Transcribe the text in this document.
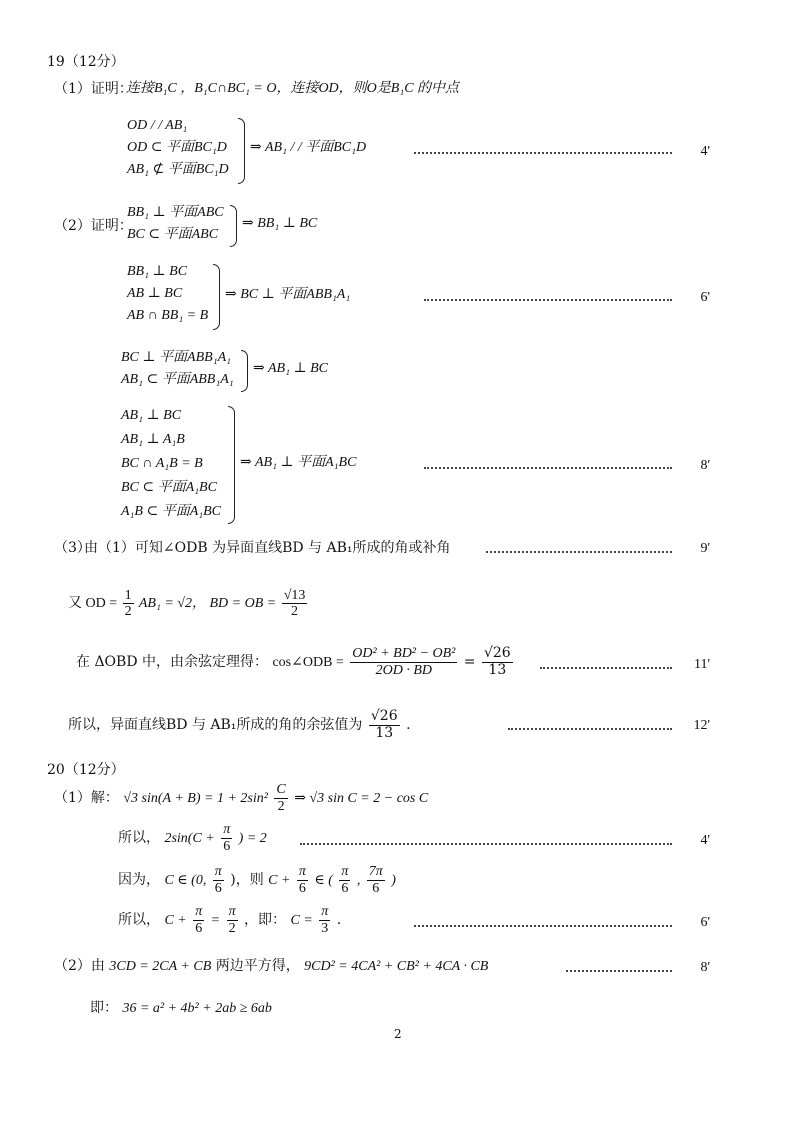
19（12分）
（1）证明：
连接B₁C ，B₁C∩BC₁ = O，连接OD，则O是B₁C 的中点
OD / / AB₁
OD ⊂ 平面BC₁D
AB₁ ⊄ 平面BC₁D
⇒ AB₁ / / 平面BC₁D	4'
（2）证明：
BB₁ ⊥ 平面ABC
BC ⊂ 平面ABC
⇒ BB₁ ⊥ BC
BB₁ ⊥ BC
AB ⊥ BC
AB ∩ BB₁ = B
⇒ BC ⊥ 平面ABB₁A₁	6'
BC ⊥ 平面ABB₁A₁
AB₁ ⊂ 平面ABB₁A₁
⇒ AB₁ ⊥ BC
AB₁ ⊥ BC
AB₁ ⊥ A₁B
BC ∩ A₁B = B
BC ⊂ 平面A₁BC
A₁B ⊂ 平面A₁BC
⇒ AB₁ ⊥ 平面A₁BC	8'
（3）
由（1）可知∠ODB 为异面直线BD 与 AB₁所成的角或补角	9'
又 OD = $\frac{1}{2} AB_1 = √2$， BD = OB = $\frac{√13}{2}$
在 ΔOBD 中，由余弦定理得： cos∠ODB = $\frac{\text{OD² + BD² − OB²}}{2OD \cdot BD} = \frac{√26}{13}$	11'
所以，异面直线BD 与 AB₁所成的角的余弦值为 $\frac{√26}{13}$ .	12'
20（12分）
（1）解： √3 $\sin(A + B) = 1 + 2\sin^2 \frac{C}{2}$ ⇒ √3 sin C = 2 − cos C
所以， $2\sin(C + \frac{\pi}{6}$ ) = 2	4'
因为， C ∈ (0, $\frac{\pi}{6}$ )，则 $C + \frac{\pi}{6}$ ∈ ( $\frac{\pi}{6}$ , $\frac{7\pi}{6}$ )
所以， $C + \frac{\pi}{6} = \frac{\pi}{2}$ ，即： $C = \frac{\pi}{3}$ .	6'
（2）由 3CD = 2CA + CB 两边平方得， 9CD² = 4CA² + CB² + 4CA · CB	8'
即： 36 = a² + 4b² + 2ab ≥ 6ab
2
